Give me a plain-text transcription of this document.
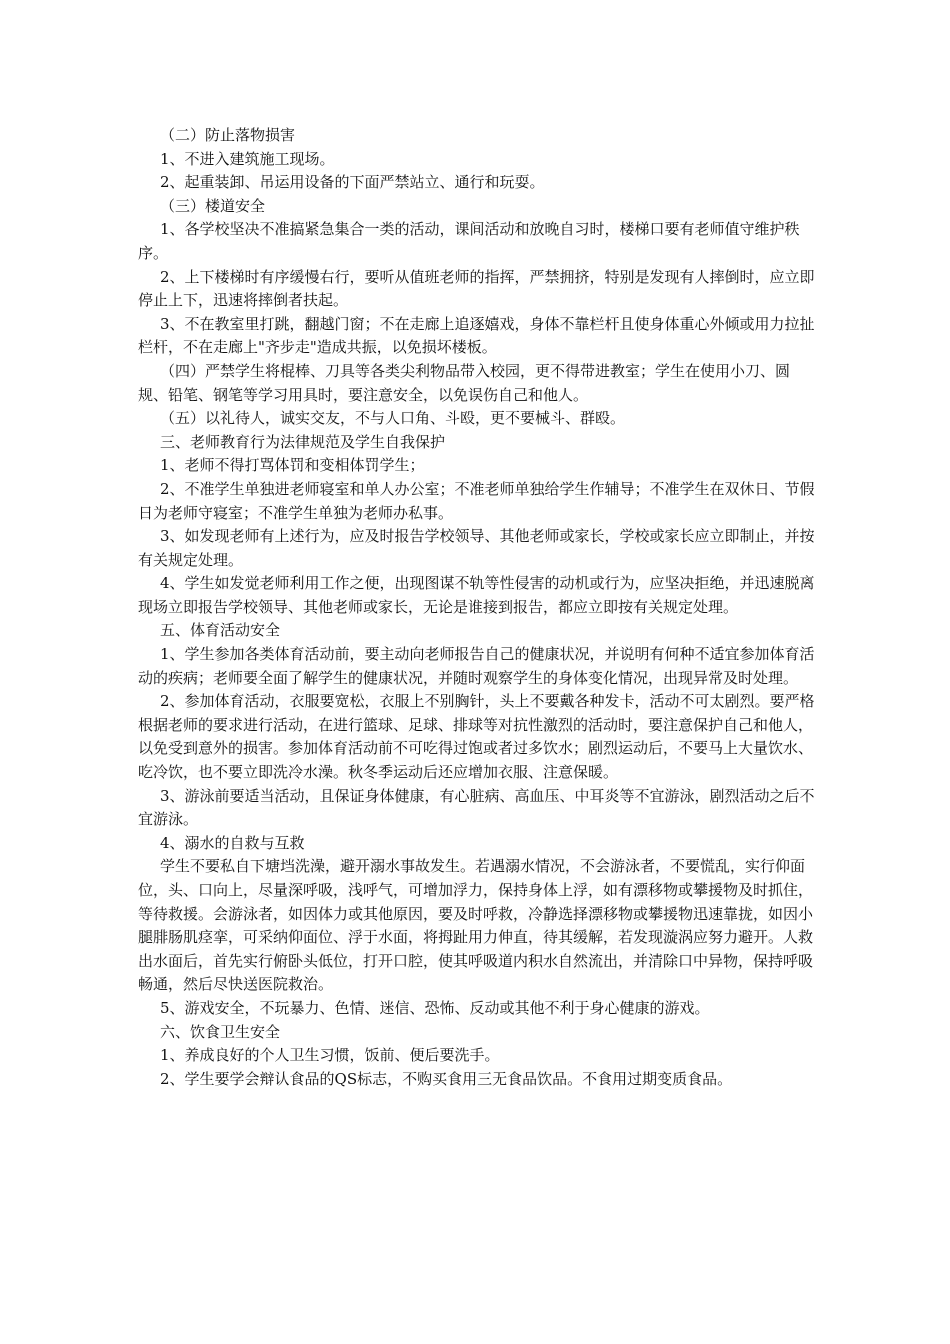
（二）防止落物损害

1、不进入建筑施工现场。

2、起重装卸、吊运用设备的下面严禁站立、通行和玩耍。

（三）楼道安全

1、各学校坚决不准搞紧急集合一类的活动，课间活动和放晚自习时，楼梯口要有老师值守维护秩序。

2、上下楼梯时有序缓慢右行，要听从值班老师的指挥，严禁拥挤，特别是发现有人摔倒时，应立即停止上下，迅速将摔倒者扶起。

3、不在教室里打跳，翻越门窗；不在走廊上追逐嬉戏，身体不靠栏杆且使身体重心外倾或用力拉扯栏杆，不在走廊上"齐步走"造成共振，以免损坏楼板。

（四）严禁学生将棍棒、刀具等各类尖利物品带入校园，更不得带进教室；学生在使用小刀、圆规、铅笔、钢笔等学习用具时，要注意安全，以免误伤自己和他人。

（五）以礼待人，诚实交友，不与人口角、斗殴，更不要械斗、群殴。

三、老师教育行为法律规范及学生自我保护

1、老师不得打骂体罚和变相体罚学生；

2、不准学生单独进老师寝室和单人办公室；不准老师单独给学生作辅导；不准学生在双休日、节假日为老师守寝室；不准学生单独为老师办私事。

3、如发现老师有上述行为，应及时报告学校领导、其他老师或家长，学校或家长应立即制止，并按有关规定处理。

4、学生如发觉老师利用工作之便，出现图谋不轨等性侵害的动机或行为，应坚决拒绝，并迅速脱离现场立即报告学校领导、其他老师或家长，无论是谁接到报告，都应立即按有关规定处理。

五、体育活动安全

1、学生参加各类体育活动前，要主动向老师报告自己的健康状况，并说明有何种不适宜参加体育活动的疾病；老师要全面了解学生的健康状况，并随时观察学生的身体变化情况，出现异常及时处理。

2、参加体育活动，衣服要宽松，衣服上不别胸针，头上不要戴各种发卡，活动不可太剧烈。要严格根据老师的要求进行活动，在进行篮球、足球、排球等对抗性激烈的活动时，要注意保护自己和他人，以免受到意外的损害。参加体育活动前不可吃得过饱或者过多饮水；剧烈运动后，不要马上大量饮水、吃冷饮，也不要立即洗冷水澡。秋冬季运动后还应增加衣服、注意保暖。

3、游泳前要适当活动，且保证身体健康，有心脏病、高血压、中耳炎等不宜游泳，剧烈活动之后不宜游泳。

4、溺水的自救与互救

学生不要私自下塘垱洗澡，避开溺水事故发生。若遇溺水情况，不会游泳者，不要慌乱，实行仰面位，头、口向上，尽量深呼吸，浅呼气，可增加浮力，保持身体上浮，如有漂移物或攀援物及时抓住，等待救援。会游泳者，如因体力或其他原因，要及时呼救，冷静选择漂移物或攀援物迅速靠拢，如因小腿腓肠肌痉挛，可采纳仰面位、浮于水面，将拇趾用力伸直，待其缓解，若发现漩涡应努力避开。人救出水面后，首先实行俯卧头低位，打开口腔，使其呼吸道内积水自然流出，并清除口中异物，保持呼吸畅通，然后尽快送医院救治。

5、游戏安全，不玩暴力、色情、迷信、恐怖、反动或其他不利于身心健康的游戏。

六、饮食卫生安全

1、养成良好的个人卫生习惯，饭前、便后要洗手。

2、学生要学会辩认食品的QS标志，不购买食用三无食品饮品。不食用过期变质食品。
